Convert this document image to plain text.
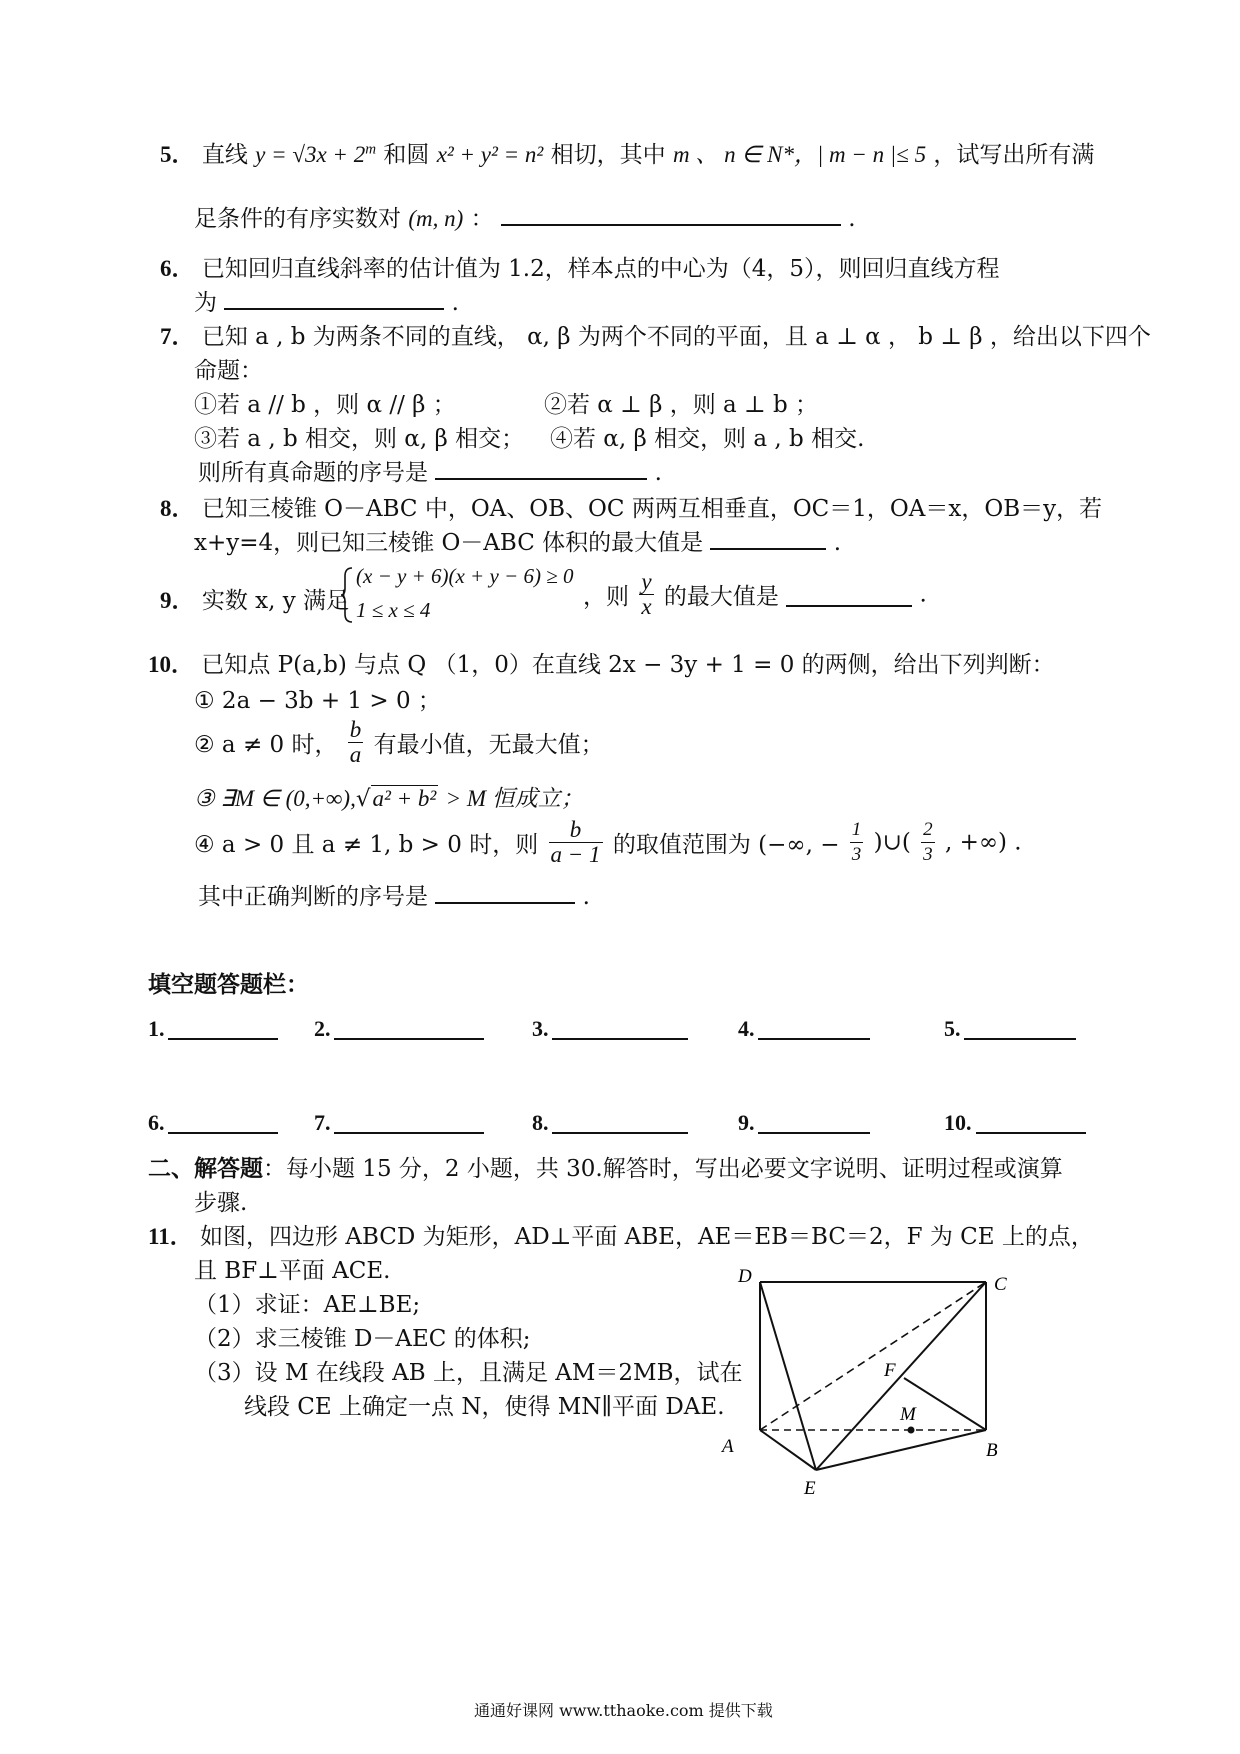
5． 直线 $y = √3x + 2^m$ 和圆 x² + y² = n² 相切，其中 m 、 n ∈ N*，| m − n |≤ 5 ，试写出所有满
足条件的有序实数对 (m, n) ：	.
6． 已知回归直线斜率的估计值为 1.2，样本点的中心为（4，5），则回归直线方程
为	.
7． 已知 a , b 为两条不同的直线， α, β 为两个不同的平面，且 a ⊥ α ， b ⊥ β ，给出以下四个
命题：
①若 a // b ，则 α // β ；	②若 α ⊥ β ，则 a ⊥ b ；
③若 a , b 相交，则 α, β 相交； ④若 α, β 相交，则 a , b 相交.
则所有真命题的序号是	.
8． 已知三棱锥 O－ABC 中，OA、OB、OC 两两互相垂直，OC＝1，OA＝x，OB＝y，若
x+y=4，则已知三棱锥 O－ABC 体积的最大值是	.
9． 实数 x, y 满足
(x − y + 6)(x + y − 6) ≥ 0
1 ≤ x ≤ 4	，则 $\frac{y}{x}$ 的最大值是	.
10． 已知点 P(a,b) 与点 Q （1，0）在直线 2x − 3y + 1 = 0 的两侧，给出下列判断：
① 2a − 3b + 1 > 0 ；
② a ≠ 0 时， $\frac{b}{a}$ 有最小值，无最大值；
③ ∃M ∈ (0,+∞),√a² + b² > M 恒成立；
④ a > 0 且 a ≠ 1, b > 0 时，则 $\frac{b}{a - 1}$ 的取值范围为 (−∞, − $\frac{1}{3}$ )∪( $\frac{2}{3}$ , +∞) .
其中正确判断的序号是	.
填空题答题栏：
1.	2.	3.	4.	5.
6.	7.	8.	9.	10.
二、解答题：每小题 15 分，2 小题，共 30.解答时，写出必要文字说明、证明过程或演算
步骤.
11． 如图，四边形 ABCD 为矩形，AD⊥平面 ABE，AE＝EB＝BC＝2，F 为 CE 上的点，
且 BF⊥平面 ACE.
（1）求证：AE⊥BE;
（2）求三棱锥 D－AEC 的体积;
（3）设 M 在线段 AB 上，且满足 AM＝2MB，试在
线段 CE 上确定一点 N，使得 MN∥平面 DAE.
D	C
A	B
E
F
M
通通好课网 www.tthaoke.com 提供下载
